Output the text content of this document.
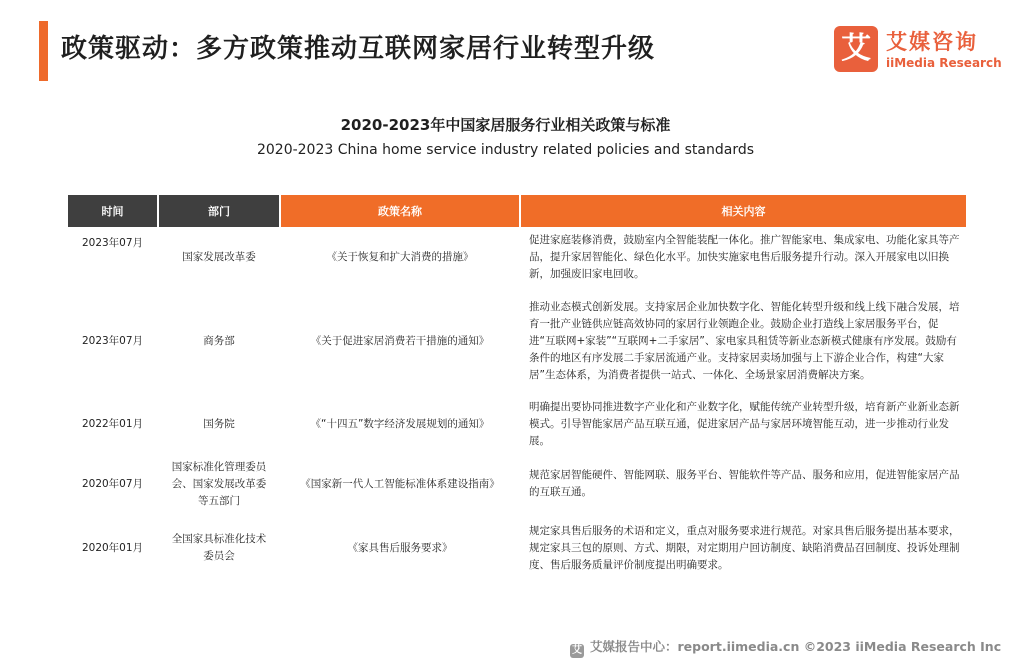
政策驱动：多方政策推动互联网家居行业转型升级	艾 艾媒咨询
iiMedia Research
2020-2023年中国家居服务行业相关政策与标准
2020-2023 China home service industry related policies and standards
时间	部门	政策名称	相关内容
2023年07月	国家发展改革委	《关于恢复和扩大消费的措施》	促进家庭装修消费，鼓励室内全智能装配一体化。推广智能家电、集成家电、功能化家具等产品，提升家居智能化、绿色化水平。加快实施家电售后服务提升行动。深入开展家电以旧换新，加强废旧家电回收。
2023年07月	商务部	《关于促进家居消费若干措施的通知》	推动业态模式创新发展。支持家居企业加快数字化、智能化转型升级和线上线下融合发展，培育一批产业链供应链高效协同的家居行业领跑企业。鼓励企业打造线上家居服务平台，促进“互联网+家装”“互联网+二手家居”、家电家具租赁等新业态新模式健康有序发展。鼓励有条件的地区有序发展二手家居流通产业。支持家居卖场加强与上下游企业合作，构建“大家居”生态体系，为消费者提供一站式、一体化、全场景家居消费解决方案。
2022年01月	国务院	《“十四五”数字经济发展规划的通知》	明确提出要协同推进数字产业化和产业数字化，赋能传统产业转型升级，培育新产业新业态新模式。引导智能家居产品互联互通，促进家居产品与家居环境智能互动，进一步推动行业发展。
2020年07月	国家标准化管理委员会、国家发展改革委等五部门	《国家新一代人工智能标准体系建设指南》	规范家居智能硬件、智能网联、服务平台、智能软件等产品、服务和应用，促进智能家居产品的互联互通。
2020年01月	全国家具标准化技术委员会	《家具售后服务要求》	规定家具售后服务的术语和定义，重点对服务要求进行规范。对家具售后服务提出基本要求，规定家具三包的原则、方式、期限，对定期用户回访制度、缺陷消费品召回制度、投诉处理制度、售后服务质量评价制度提出明确要求。
艾 艾媒报告中心：report.iimedia.cn ©2023 iiMedia Research Inc
